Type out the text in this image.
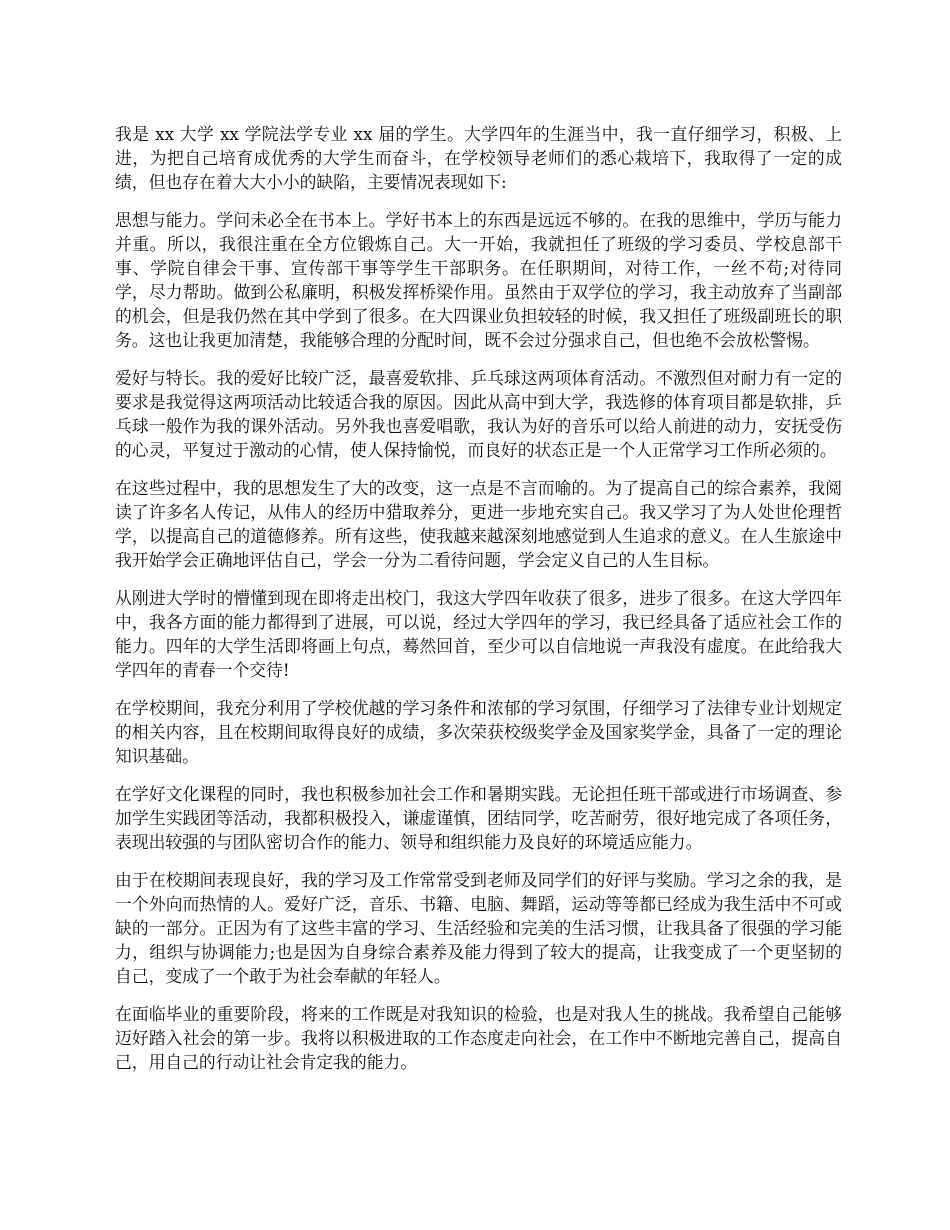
我是 xx 大学 xx 学院法学专业 xx 届的学生。大学四年的生涯当中，我一直仔细学习，积极、上进，为把自己培育成优秀的大学生而奋斗，在学校领导老师们的悉心栽培下，我取得了一定的成绩，但也存在着大大小小的缺陷，主要情况表现如下:

思想与能力。学问未必全在书本上。学好书本上的东西是远远不够的。在我的思维中，学历与能力并重。所以，我很注重在全方位锻炼自己。大一开始，我就担任了班级的学习委员、学校息部干事、学院自律会干事、宣传部干事等学生干部职务。在任职期间，对待工作，一丝不苟;对待同学，尽力帮助。做到公私廉明，积极发挥桥梁作用。虽然由于双学位的学习，我主动放弃了当副部的机会，但是我仍然在其中学到了很多。在大四课业负担较轻的时候，我又担任了班级副班长的职务。这也让我更加清楚，我能够合理的分配时间，既不会过分强求自己，但也绝不会放松警惕。

爱好与特长。我的爱好比较广泛，最喜爱软排、乒乓球这两项体育活动。不激烈但对耐力有一定的要求是我觉得这两项活动比较适合我的原因。因此从高中到大学，我选修的体育项目都是软排，乒乓球一般作为我的课外活动。另外我也喜爱唱歌，我认为好的音乐可以给人前进的动力，安抚受伤的心灵，平复过于激动的心情，使人保持愉悦，而良好的状态正是一个人正常学习工作所必须的。

在这些过程中，我的思想发生了大的改变，这一点是不言而喻的。为了提高自己的综合素养，我阅读了许多名人传记，从伟人的经历中猎取养分，更进一步地充实自己。我又学习了为人处世伦理哲学，以提高自己的道德修养。所有这些，使我越来越深刻地感觉到人生追求的意义。在人生旅途中我开始学会正确地评估自己，学会一分为二看待问题，学会定义自己的人生目标。

从刚进大学时的懵懂到现在即将走出校门，我这大学四年收获了很多，进步了很多。在这大学四年中，我各方面的能力都得到了进展，可以说，经过大学四年的学习，我已经具备了适应社会工作的能力。四年的大学生活即将画上句点，蓦然回首，至少可以自信地说一声我没有虚度。在此给我大学四年的青春一个交待!

在学校期间，我充分利用了学校优越的学习条件和浓郁的学习氛围，仔细学习了法律专业计划规定的相关内容，且在校期间取得良好的成绩，多次荣获校级奖学金及国家奖学金，具备了一定的理论知识基础。

在学好文化课程的同时，我也积极参加社会工作和暑期实践。无论担任班干部或进行市场调查、参加学生实践团等活动，我都积极投入，谦虚谨慎，团结同学，吃苦耐劳，很好地完成了各项任务，表现出较强的与团队密切合作的能力、领导和组织能力及良好的环境适应能力。

由于在校期间表现良好，我的学习及工作常常受到老师及同学们的好评与奖励。学习之余的我，是一个外向而热情的人。爱好广泛，音乐、书籍、电脑、舞蹈，运动等等都已经成为我生活中不可或缺的一部分。正因为有了这些丰富的学习、生活经验和完美的生活习惯，让我具备了很强的学习能力，组织与协调能力;也是因为自身综合素养及能力得到了较大的提高，让我变成了一个更坚韧的自己，变成了一个敢于为社会奉献的年轻人。

在面临毕业的重要阶段，将来的工作既是对我知识的检验，也是对我人生的挑战。我希望自己能够迈好踏入社会的第一步。我将以积极进取的工作态度走向社会，在工作中不断地完善自己，提高自己，用自己的行动让社会肯定我的能力。
